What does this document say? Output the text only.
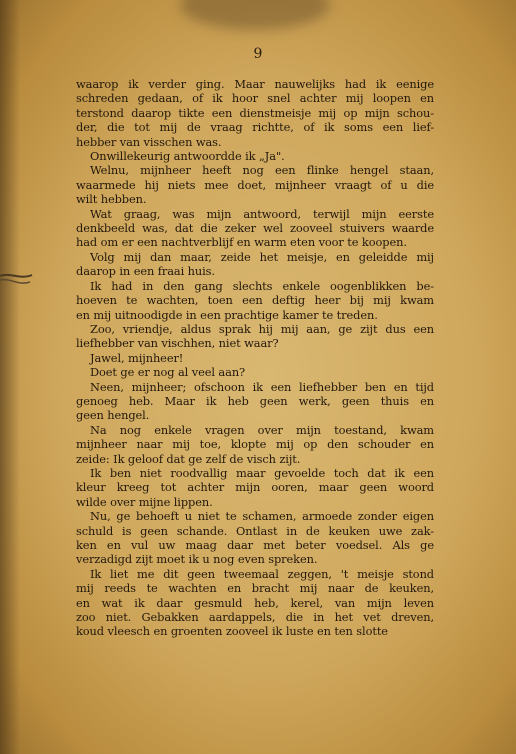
9
waarop ik verder ging. Maar nauwelijks had ik eenige
schreden gedaan, of ik hoor snel achter mij loopen en
terstond daarop tikte een dienstmeisje mij op mijn schou-
der, die tot mij de vraag richtte, of ik soms een lief-
hebber van visschen was.
Onwillekeurig antwoordde ik „Ja".
Welnu, mijnheer heeft nog een flinke hengel staan,
waarmede hij niets mee doet, mijnheer vraagt of u die
wilt hebben.
Wat graag, was mijn antwoord, terwijl mijn eerste
denkbeeld was, dat die zeker wel zooveel stuivers waarde
had om er een nachtverblijf en warm eten voor te koopen.
Volg mij dan maar, zeide het meisje, en geleidde mij
daarop in een fraai huis.
Ik had in den gang slechts enkele oogenblikken be-
hoeven te wachten, toen een deftig heer bij mij kwam
en mij uitnoodigde in een prachtige kamer te treden.
Zoo, vriendje, aldus sprak hij mij aan, ge zijt dus een
liefhebber van vischhen, niet waar?
Jawel, mijnheer!
Doet ge er nog al veel aan?
Neen, mijnheer; ofschoon ik een liefhebber ben en tijd
genoeg heb. Maar ik heb geen werk, geen thuis en
geen hengel.
Na nog enkele vragen over mijn toestand, kwam
mijnheer naar mij toe, klopte mij op den schouder en
zeide: Ik geloof dat ge zelf de visch zijt.
Ik ben niet roodvallig maar gevoelde toch dat ik een
kleur kreeg tot achter mijn ooren, maar geen woord
wilde over mijne lippen.
Nu, ge behoeft u niet te schamen, armoede zonder eigen
schuld is geen schande. Ontlast in de keuken uwe zak-
ken en vul uw maag daar met beter voedsel. Als ge
verzadigd zijt moet ik u nog even spreken.
Ik liet me dit geen tweemaal zeggen, 't meisje stond
mij reeds te wachten en bracht mij naar de keuken,
en wat ik daar gesmuld heb, kerel, van mijn leven
zoo niet. Gebakken aardappels, die in het vet dreven,
koud vleesch en groenten zooveel ik luste en ten slotte
